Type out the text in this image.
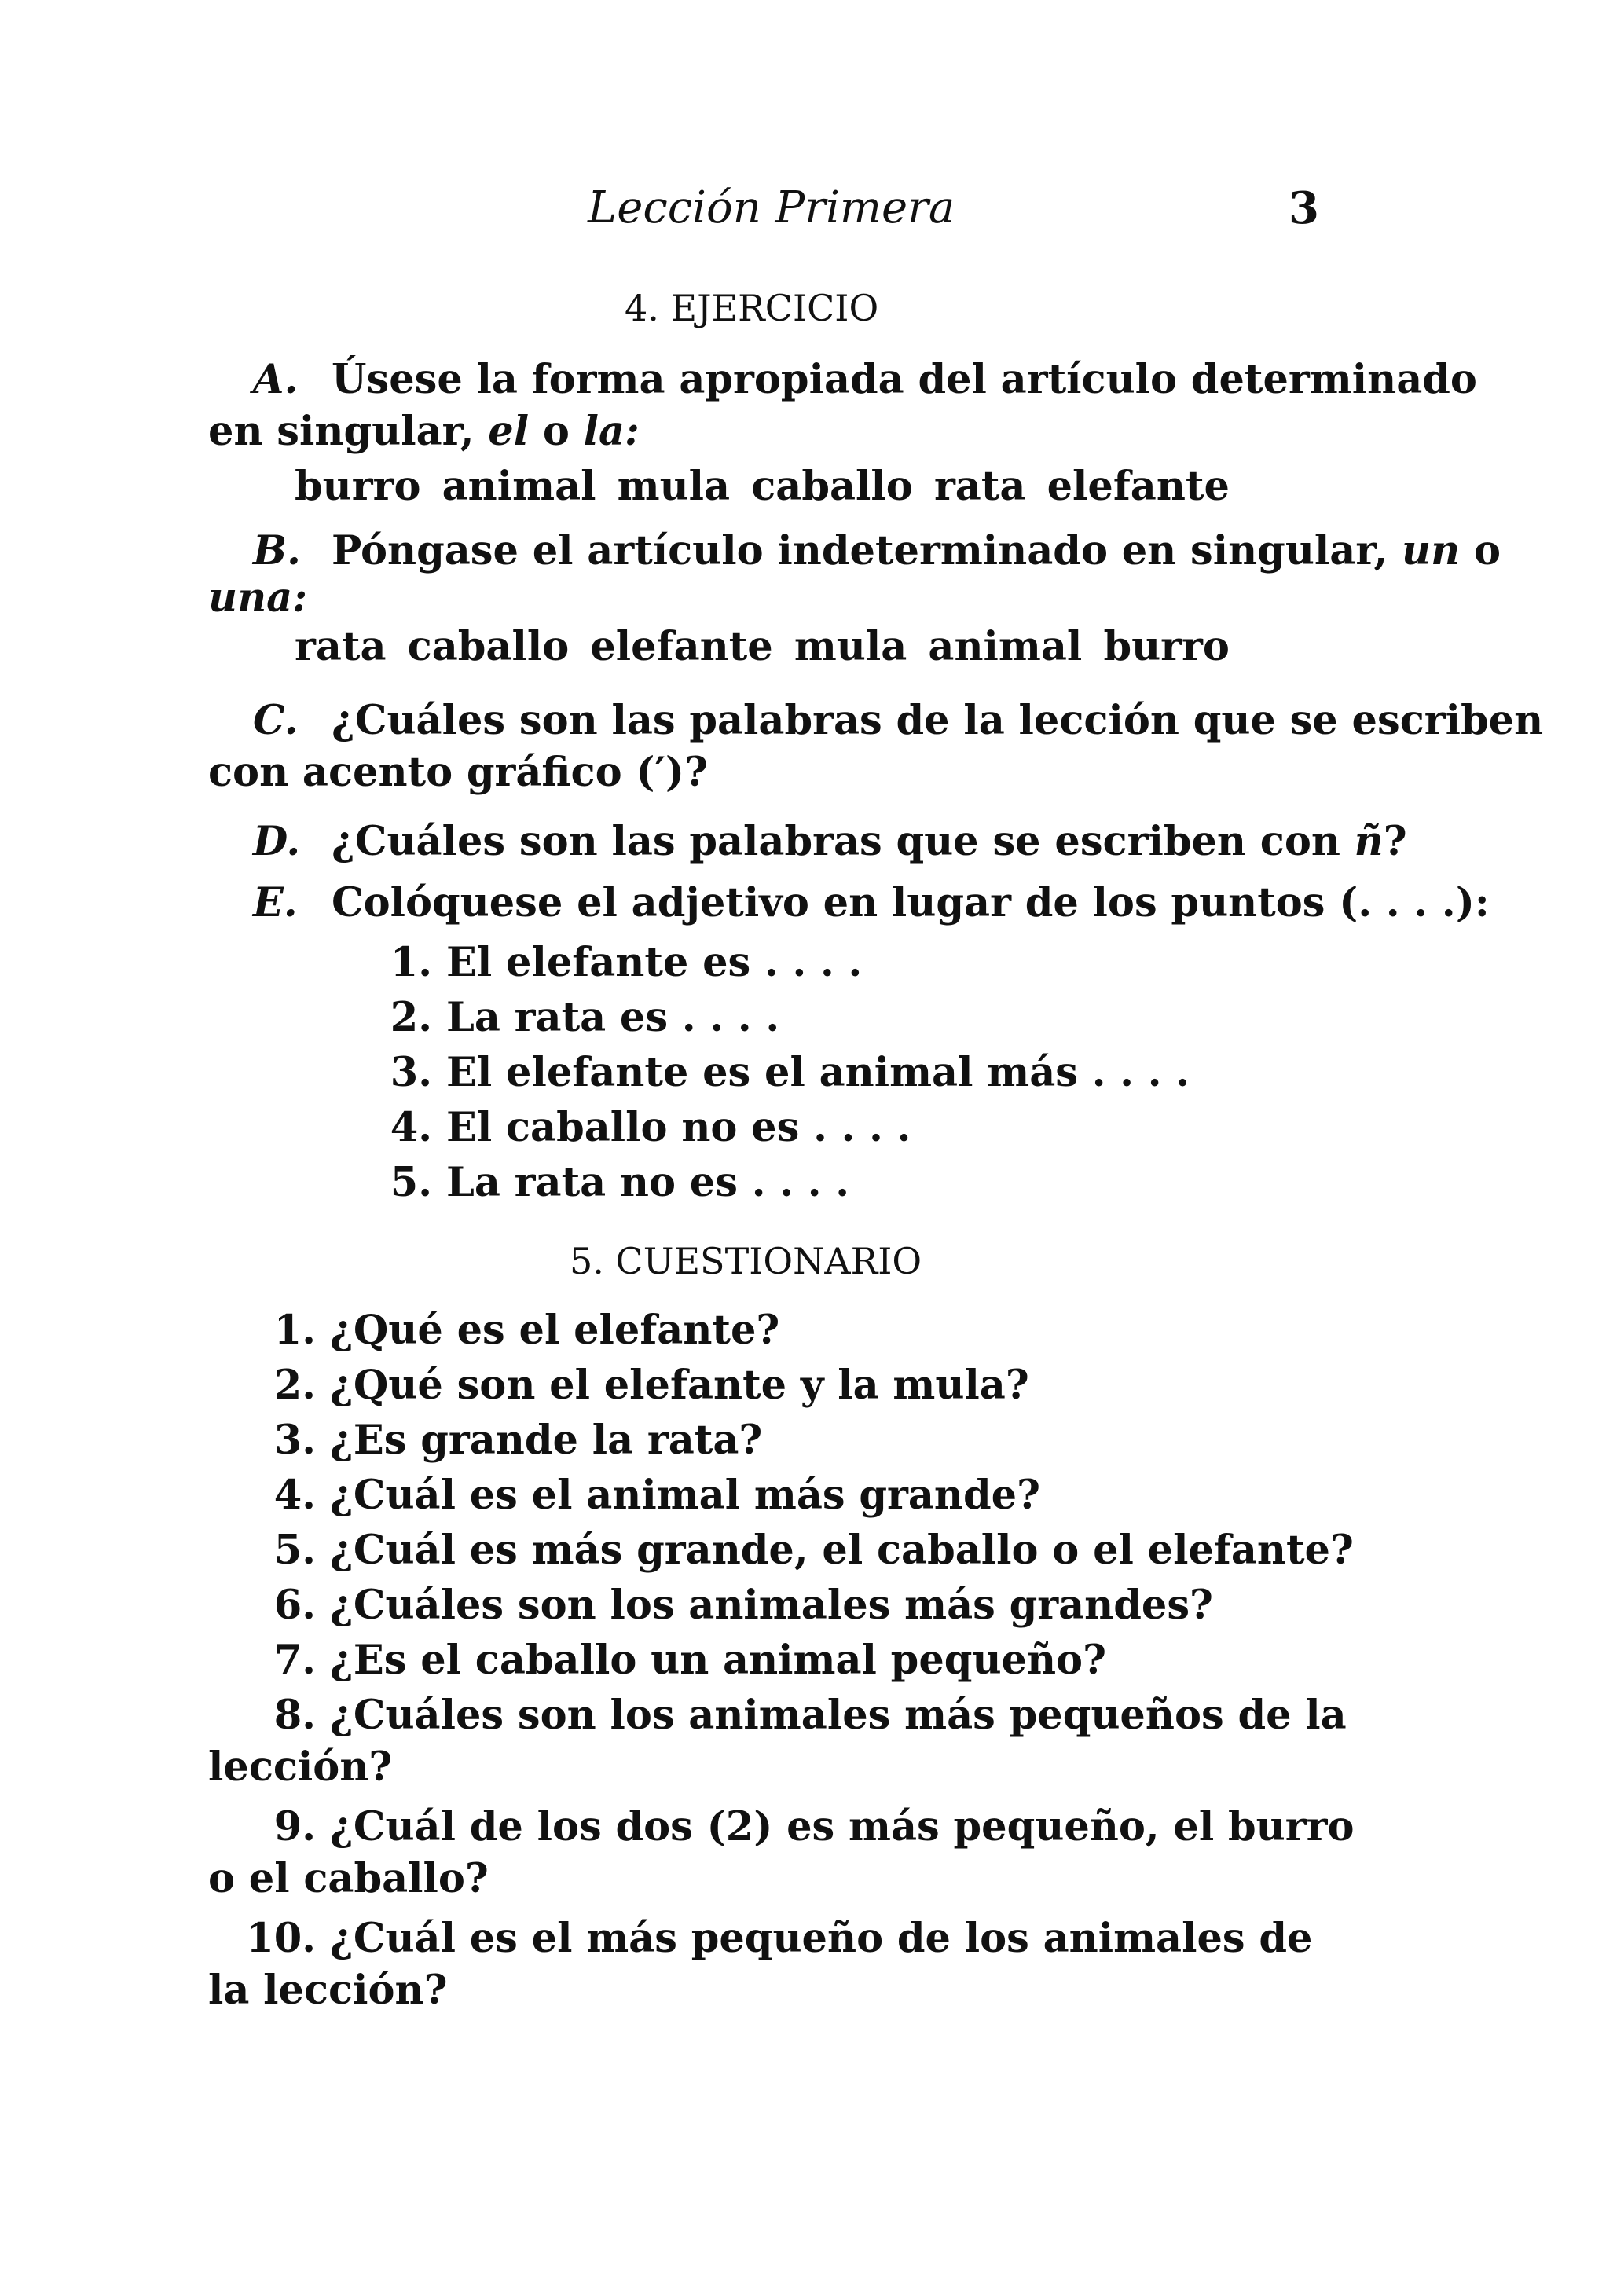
Lección Primera	3
4. EJERCICIO
A. Úsese la forma apropiada del artículo determinado
en singular, el o la:
burro animal mula caballo rata elefante
B. Póngase el artículo indeterminado en singular, un o
una:
rata caballo elefante mula animal burro
C. ¿Cuáles son las palabras de la lección que se escriben
con acento gráfico (′)?
D. ¿Cuáles son las palabras que se escriben con ñ?
E. Colóquese el adjetivo en lugar de los puntos (. . . .):
1. El elefante es . . . .
2. La rata es . . . .
3. El elefante es el animal más . . . .
4. El caballo no es . . . .
5. La rata no es . . . .
5. CUESTIONARIO
1. ¿Qué es el elefante?
2. ¿Qué son el elefante y la mula?
3. ¿Es grande la rata?
4. ¿Cuál es el animal más grande?
5. ¿Cuál es más grande, el caballo o el elefante?
6. ¿Cuáles son los animales más grandes?
7. ¿Es el caballo un animal pequeño?
8. ¿Cuáles son los animales más pequeños de la
lección?
9. ¿Cuál de los dos (2) es más pequeño, el burro
o el caballo?
10. ¿Cuál es el más pequeño de los animales de
la lección?
